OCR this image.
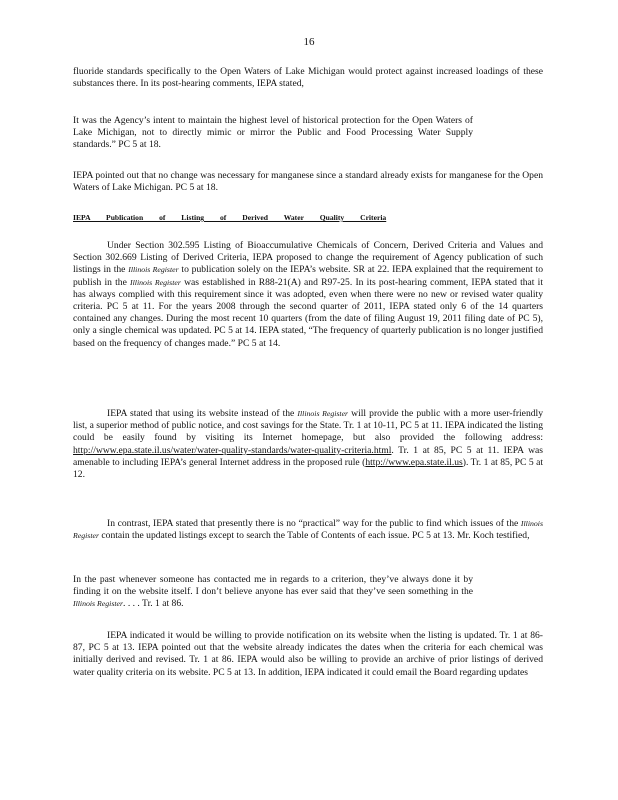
16

fluoride standards specifically to the Open Waters of Lake Michigan would protect against increased loadings of these substances there. In its post-hearing comments, IEPA stated,

It was the Agency’s intent to maintain the highest level of historical protection for the Open Waters of Lake Michigan, not to directly mimic or mirror the Public and Food Processing Water Supply standards.” PC 5 at 18.

IEPA pointed out that no change was necessary for manganese since a standard already exists for manganese for the Open Waters of Lake Michigan. PC 5 at 18.

IEPA Publication of Listing of Derived Water Quality Criteria

Under Section 302.595 Listing of Bioaccumulative Chemicals of Concern, Derived Criteria and Values and Section 302.669 Listing of Derived Criteria, IEPA proposed to change the requirement of Agency publication of such listings in the Illinois Register to publication solely on the IEPA’s website. SR at 22. IEPA explained that the requirement to publish in the Illinois Register was established in R88-21(A) and R97-25. In its post-hearing comment, IEPA stated that it has always complied with this requirement since it was adopted, even when there were no new or revised water quality criteria. PC 5 at 11. For the years 2008 through the second quarter of 2011, IEPA stated only 6 of the 14 quarters contained any changes. During the most recent 10 quarters (from the date of filing August 19, 2011 filing date of PC 5), only a single chemical was updated. PC 5 at 14. IEPA stated, “The frequency of quarterly publication is no longer justified based on the frequency of changes made.” PC 5 at 14.

IEPA stated that using its website instead of the Illinois Register will provide the public with a more user-friendly list, a superior method of public notice, and cost savings for the State. Tr. 1 at 10-11, PC 5 at 11. IEPA indicated the listing could be easily found by visiting its Internet homepage, but also provided the following address: http://www.epa.state.il.us/water/water-quality-standards/water-quality-criteria.html. Tr. 1 at 85, PC 5 at 11. IEPA was amenable to including IEPA’s general Internet address in the proposed rule (http://www.epa.state.il.us). Tr. 1 at 85, PC 5 at 12.

In contrast, IEPA stated that presently there is no “practical” way for the public to find which issues of the Illinois Register contain the updated listings except to search the Table of Contents of each issue. PC 5 at 13. Mr. Koch testified,

In the past whenever someone has contacted me in regards to a criterion, they’ve always done it by finding it on the website itself. I don’t believe anyone has ever said that they’ve seen something in the Illinois Register. . . . Tr. 1 at 86.

IEPA indicated it would be willing to provide notification on its website when the listing is updated. Tr. 1 at 86-87, PC 5 at 13. IEPA pointed out that the website already indicates the dates when the criteria for each chemical was initially derived and revised. Tr. 1 at 86. IEPA would also be willing to provide an archive of prior listings of derived water quality criteria on its website. PC 5 at 13. In addition, IEPA indicated it could email the Board regarding updates
